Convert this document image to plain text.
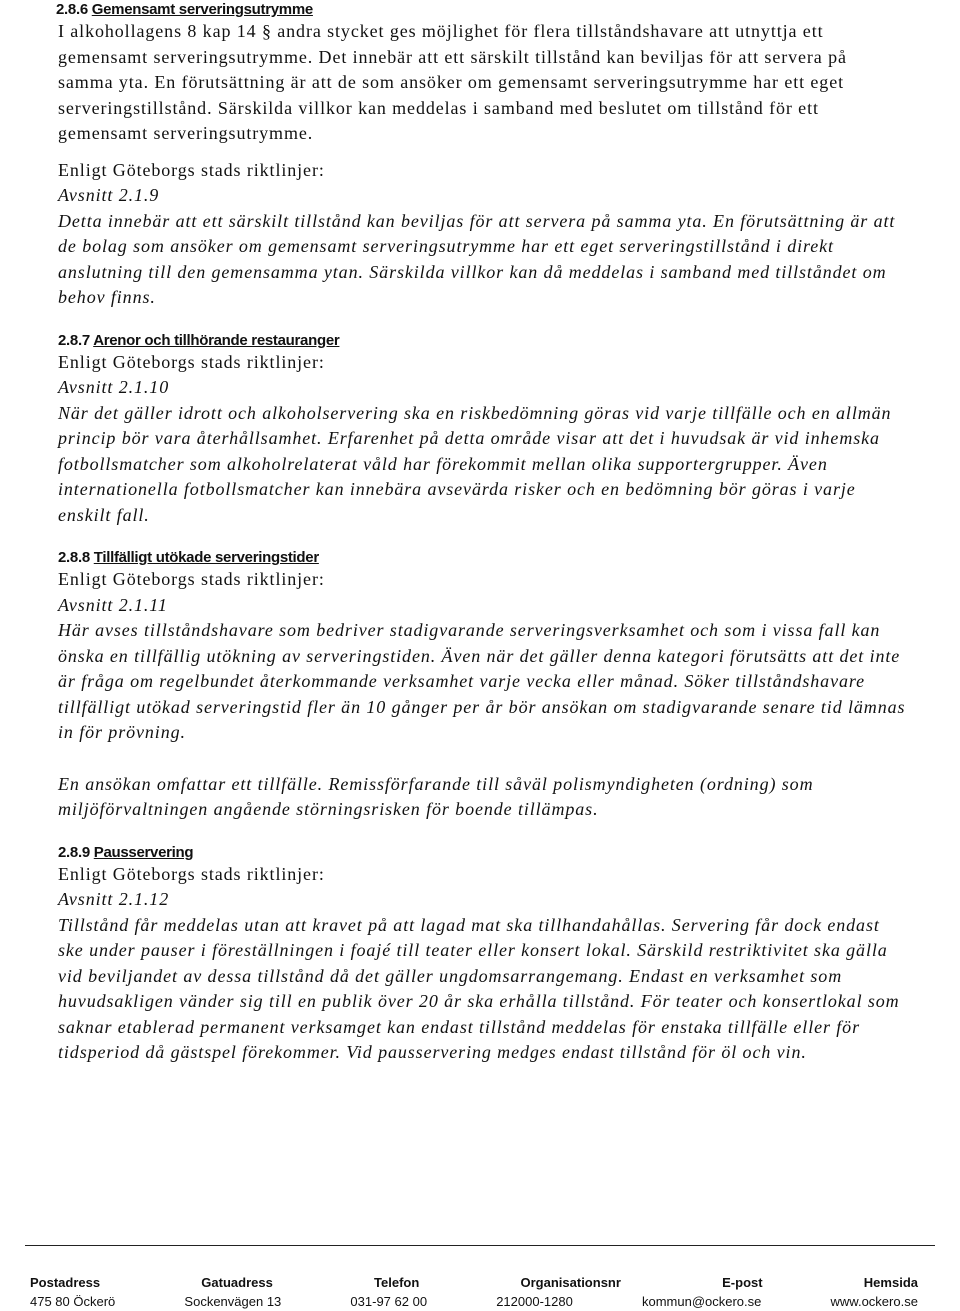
2.8.6 Gemensamt serveringsutrymme

I alkohollagens 8 kap 14 § andra stycket ges möjlighet för flera tillståndshavare att utnyttja ett gemensamt serveringsutrymme. Det innebär att ett särskilt tillstånd kan beviljas för att servera på samma yta. En förutsättning är att de som ansöker om gemensamt serveringsutrymme har ett eget serveringstillstånd. Särskilda villkor kan meddelas i samband med beslutet om tillstånd för ett gemensamt serveringsutrymme.

Enligt Göteborgs stads riktlinjer:

Avsnitt 2.1.9

Detta innebär att ett särskilt tillstånd kan beviljas för att servera på samma yta. En förutsättning är att de bolag som ansöker om gemensamt serveringsutrymme har ett eget serveringstillstånd i direkt anslutning till den gemensamma ytan. Särskilda villkor kan då meddelas i samband med tillståndet om behov finns.

2.8.7 Arenor och tillhörande restauranger

Enligt Göteborgs stads riktlinjer:

Avsnitt 2.1.10

När det gäller idrott och alkoholservering ska en riskbedömning göras vid varje tillfälle och en allmän princip bör vara återhållsamhet. Erfarenhet på detta område visar att det i huvudsak är vid inhemska fotbollsmatcher som alkoholrelaterat våld har förekommit mellan olika supportergrupper. Även internationella fotbollsmatcher kan innebära avsevärda risker och en bedömning bör göras i varje enskilt fall.

2.8.8 Tillfälligt utökade serveringstider

Enligt Göteborgs stads riktlinjer:

Avsnitt 2.1.11

Här avses tillståndshavare som bedriver stadigvarande serveringsverksamhet och som i vissa fall kan önska en tillfällig utökning av serveringstiden. Även när det gäller denna kategori förutsätts att det inte är fråga om regelbundet återkommande verksamhet varje vecka eller månad. Söker tillståndshavare tillfälligt utökad serveringstid fler än 10 gånger per år bör ansökan om stadigvarande senare tid lämnas in för prövning.

En ansökan omfattar ett tillfälle. Remissförfarande till såväl polismyndigheten (ordning) som miljöförvaltningen angående störningsrisken för boende tillämpas.

2.8.9 Pausservering

Enligt Göteborgs stads riktlinjer:

Avsnitt 2.1.12

Tillstånd får meddelas utan att kravet på att lagad mat ska tillhandahållas. Servering får dock endast ske under pauser i föreställningen i foajé till teater eller konsert lokal. Särskild restriktivitet ska gälla vid beviljandet av dessa tillstånd då det gäller ungdomsarrangemang. Endast en verksamhet som huvudsakligen vänder sig till en publik över 20 år ska erhålla tillstånd. För teater och konsertlokal som saknar etablerad permanent verksamget kan endast tillstånd meddelas för enstaka tillfälle eller för tidsperiod då gästspel förekommer. Vid pausservering medges endast tillstånd för öl och vin.

Postadress	Gatuadress	Telefon	Organisationsnr	E-post	Hemsida
475 80 Öckerö	Sockenvägen 13	031-97 62 00	212000-1280	kommun@ockero.se	www.ockero.se
